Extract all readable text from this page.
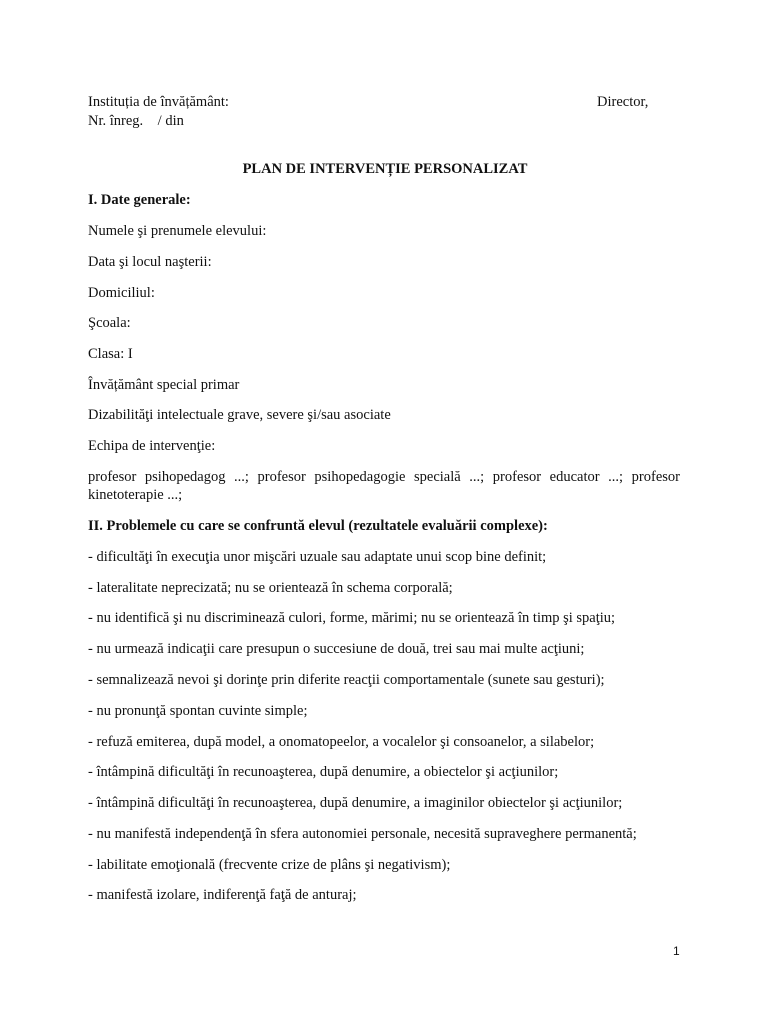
Instituția de învățământ:	Director,
Nr. înreg.    / din
PLAN DE INTERVENȚIE PERSONALIZAT
I. Date generale:
Numele şi prenumele elevului:
Data şi locul naşterii:
Domiciliul:
Şcoala:
Clasa: I
Învățământ special primar
Dizabilităţi intelectuale grave, severe şi/sau asociate
Echipa de intervenţie:
profesor psihopedagog ...; profesor psihopedagogie specială ...; profesor educator ...; profesor kinetoterapie ...;
II. Problemele cu care se confruntă elevul (rezultatele evaluării complexe):
- dificultăţi în execuţia unor mişcări uzuale sau adaptate unui scop bine definit;
- lateralitate neprecizată; nu se orientează în schema corporală;
- nu identifică şi nu discriminează culori, forme, mărimi; nu se orientează în timp şi spaţiu;
- nu urmează indicaţii care presupun o succesiune de două, trei sau mai multe acţiuni;
- semnalizează nevoi şi dorinţe prin diferite reacţii comportamentale (sunete sau gesturi);
- nu pronunţă spontan cuvinte simple;
- refuză emiterea, după model, a onomatopeelor, a vocalelor şi consoanelor, a silabelor;
- întâmpină dificultăţi în recunoaşterea, după denumire, a obiectelor şi acţiunilor;
- întâmpină dificultăţi în recunoaşterea, după denumire, a imaginilor obiectelor şi acţiunilor;
- nu manifestă independenţă în sfera autonomiei personale, necesită supraveghere permanentă;
- labilitate emoţională (frecvente crize de plâns şi negativism);
- manifestă izolare, indiferenţă faţă de anturaj;
1
